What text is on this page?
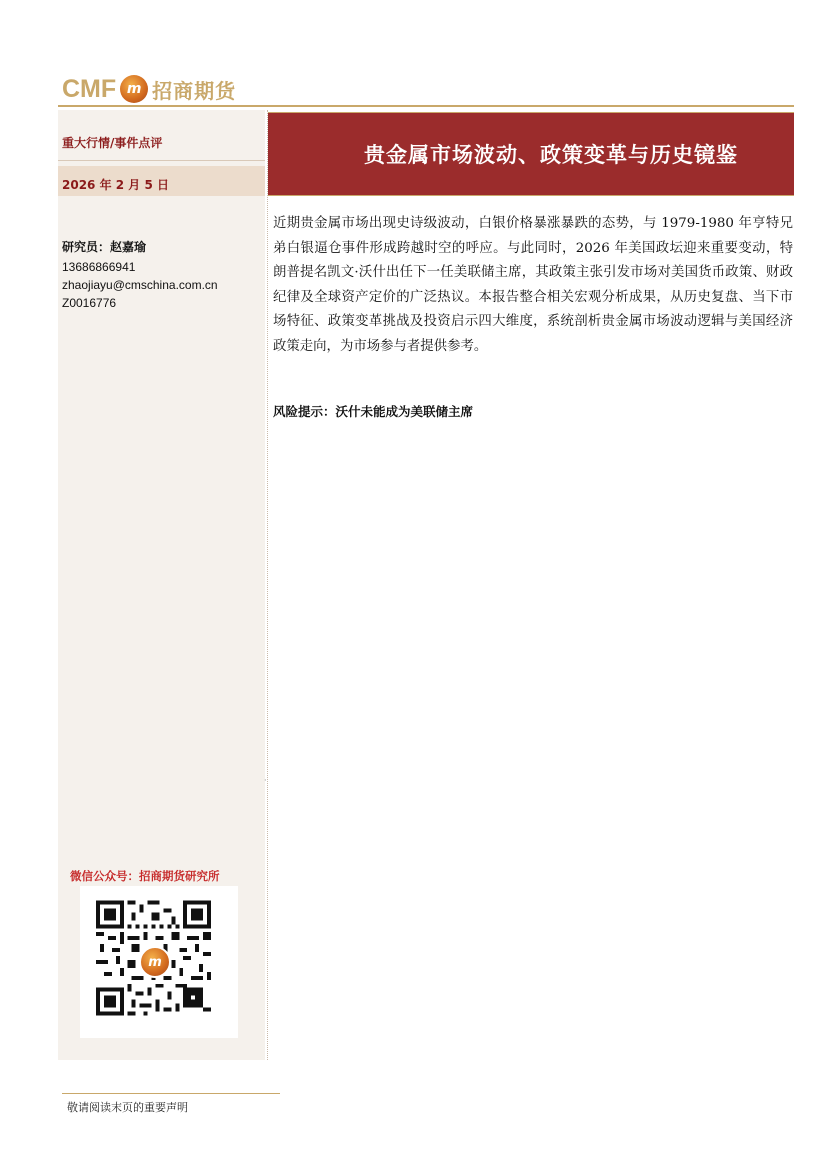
CMF m 招商期货
重大行情/事件点评
2026 年 2 月 5 日
研究员：赵嘉瑜
13686866941
zhaojiayu@cmschina.com.cn
Z0016776
贵金属市场波动、政策变革与历史镜鉴

近期贵金属市场出现史诗级波动，白银价格暴涨暴跌的态势，与 1979-1980 年亨特兄弟白银逼仓事件形成跨越时空的呼应。与此同时，2026 年美国政坛迎来重要变动，特朗普提名凯文·沃什出任下一任美联储主席，其政策主张引发市场对美国货币政策、财政纪律及全球资产定价的广泛热议。本报告整合相关宏观分析成果，从历史复盘、当下市场特征、政策变革挑战及投资启示四大维度，系统剖析贵金属市场波动逻辑与美国经济政策走向，为市场参与者提供参考。

风险提示：沃什未能成为美联储主席
·
微信公众号：招商期货研究所
m
敬请阅读末页的重要声明
